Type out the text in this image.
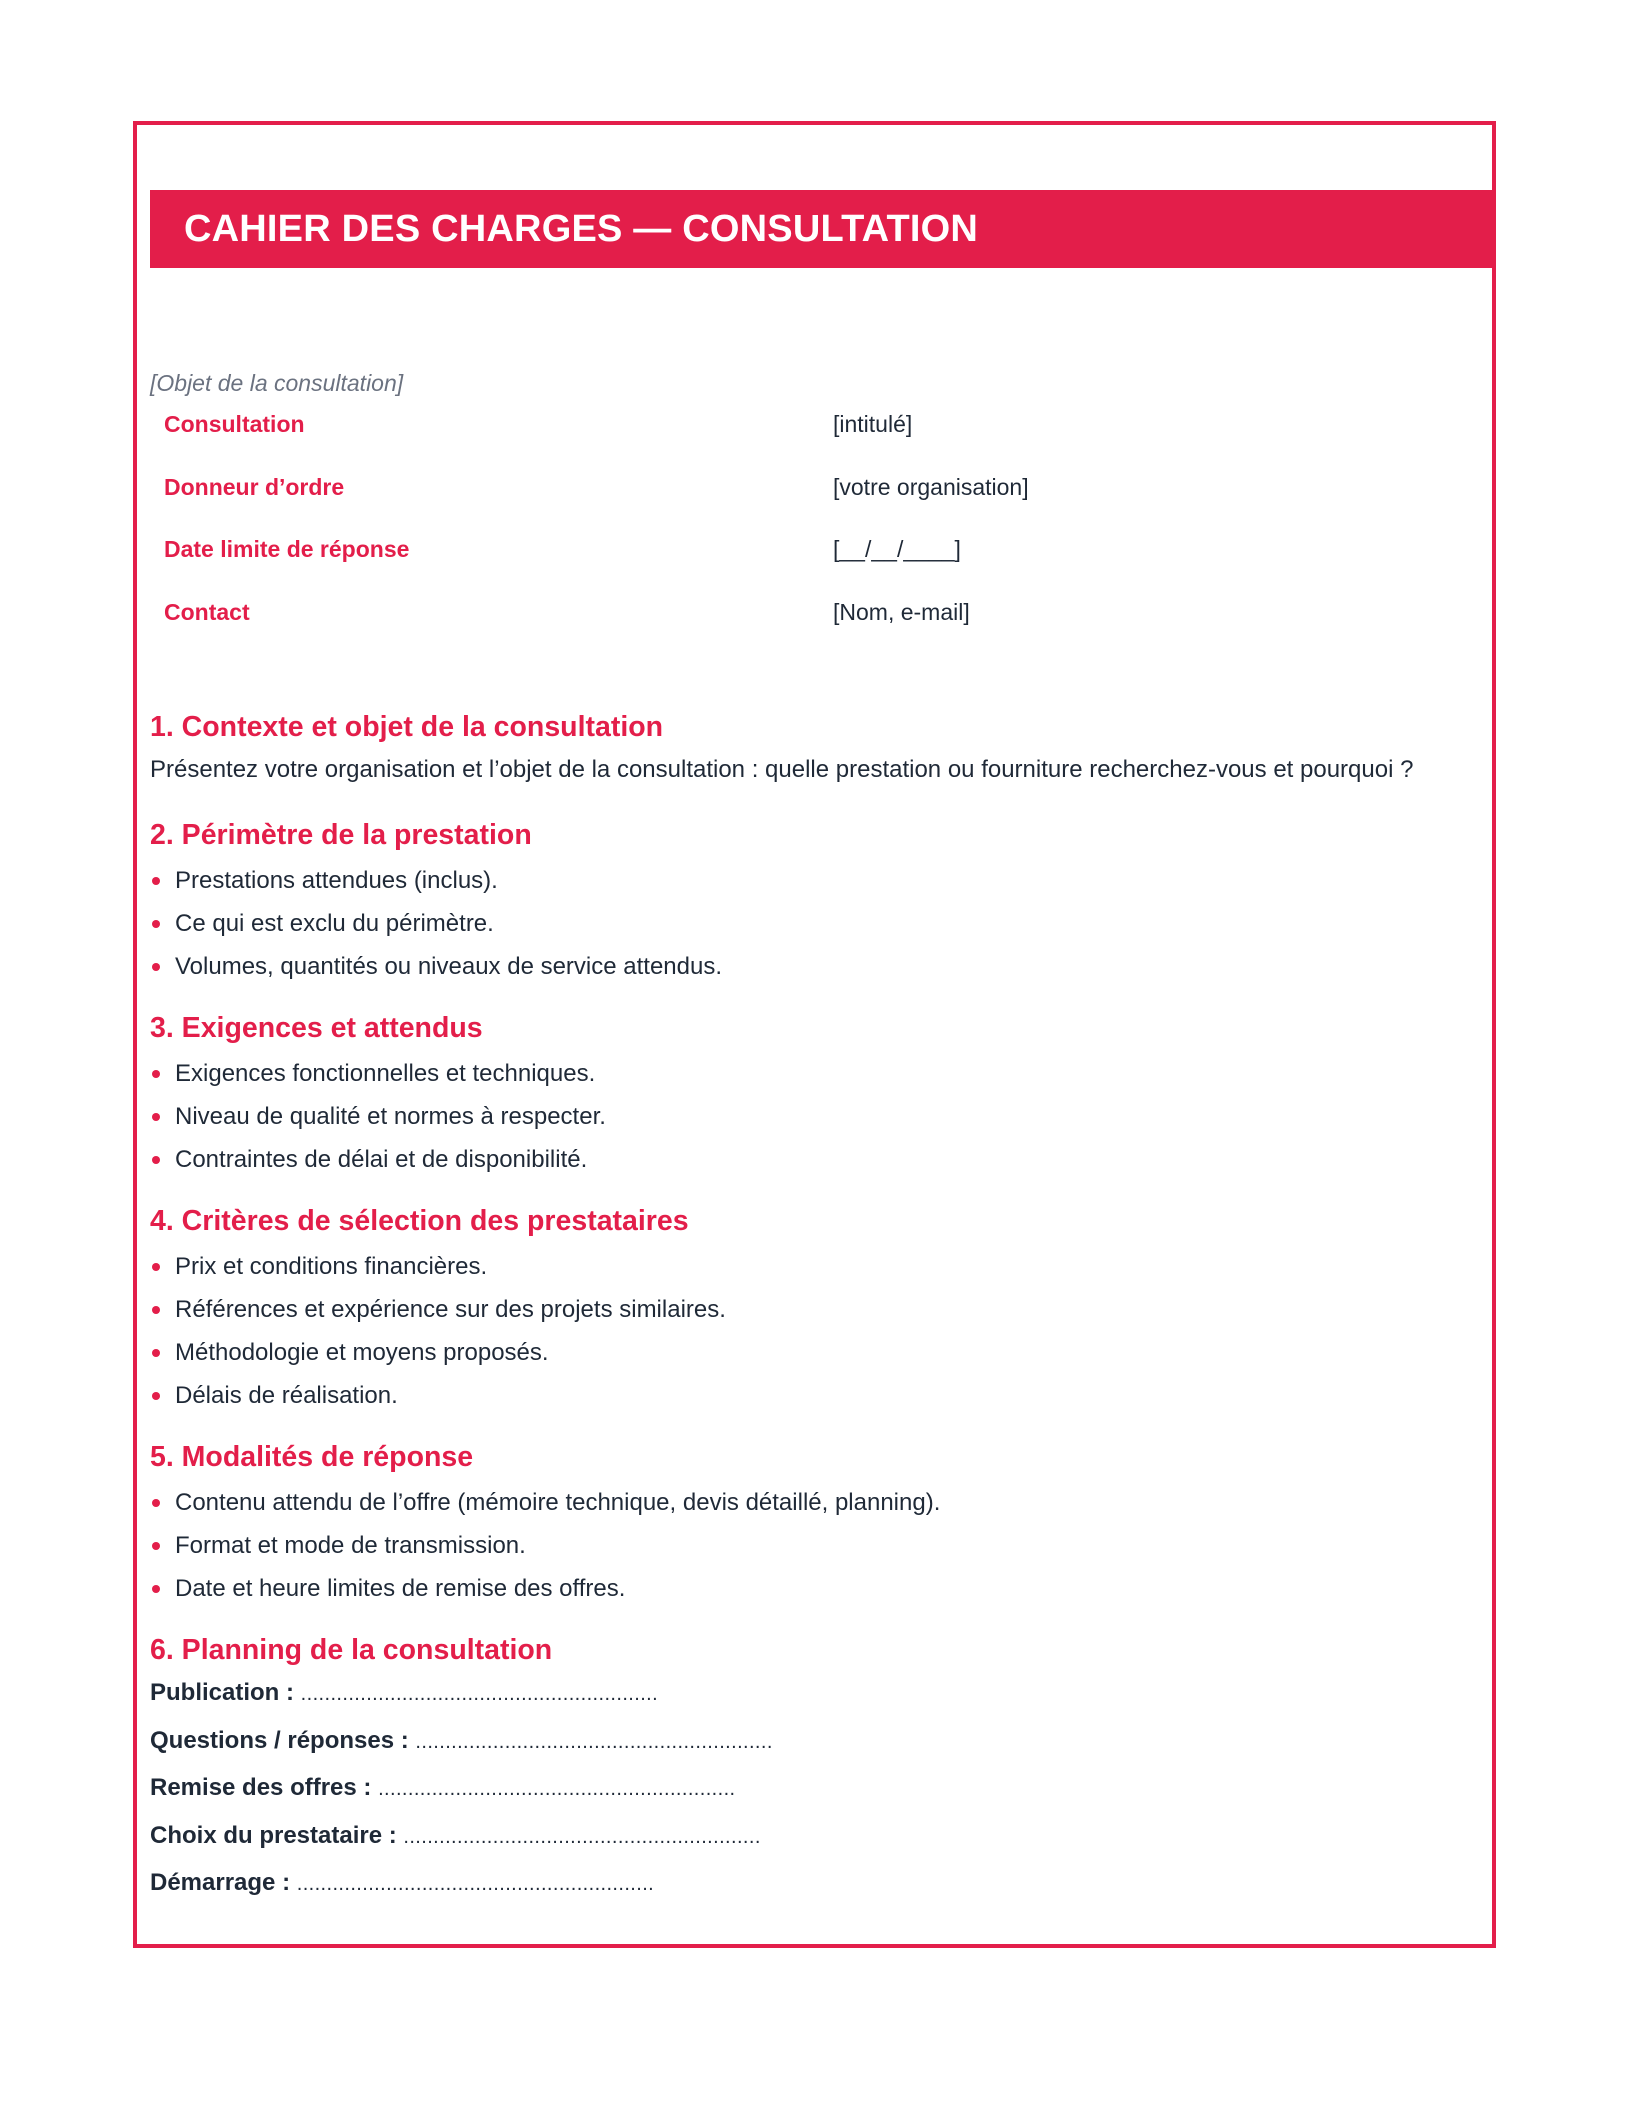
CAHIER DES CHARGES — CONSULTATION
[Objet de la consultation]
Consultation	[intitulé]
Donneur d’ordre	[votre organisation]
Date limite de réponse	[__/__/____]
Contact	[Nom, e-mail]
1. Contexte et objet de la consultation

Présentez votre organisation et l’objet de la consultation : quelle prestation ou fourniture recherchez-vous et pourquoi ?

2. Périmètre de la prestation
Prestations attendues (inclus).
Ce qui est exclu du périmètre.
Volumes, quantités ou niveaux de service attendus.
3. Exigences et attendus
Exigences fonctionnelles et techniques.
Niveau de qualité et normes à respecter.
Contraintes de délai et de disponibilité.
4. Critères de sélection des prestataires
Prix et conditions financières.
Références et expérience sur des projets similaires.
Méthodologie et moyens proposés.
Délais de réalisation.
5. Modalités de réponse
Contenu attendu de l’offre (mémoire technique, devis détaillé, planning).
Format et mode de transmission.
Date et heure limites de remise des offres.
6. Planning de la consultation
Publication : ............................................................
Questions / réponses : ............................................................
Remise des offres : ............................................................
Choix du prestataire : ............................................................
Démarrage : ............................................................
